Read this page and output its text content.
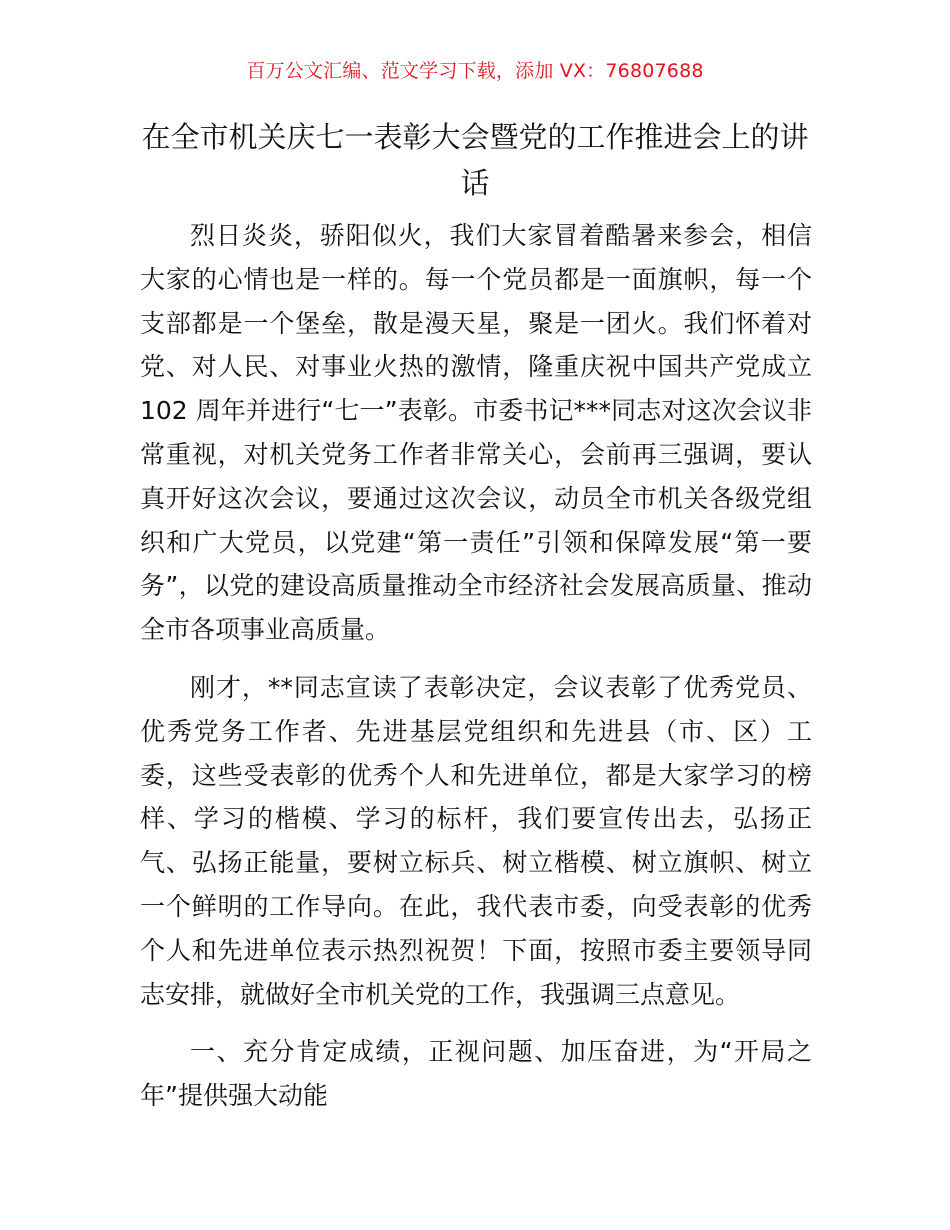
百万公文汇编、范文学习下载，添加 VX：76807688
在全市机关庆七一表彰大会暨党的工作推进会上的讲话

烈日炎炎，骄阳似火，我们大家冒着酷暑来参会，相信大家的心情也是一样的。每一个党员都是一面旗帜，每一个支部都是一个堡垒，散是漫天星，聚是一团火。我们怀着对党、对人民、对事业火热的激情，隆重庆祝中国共产党成立 102 周年并进行“七一”表彰。市委书记***同志对这次会议非常重视，对机关党务工作者非常关心，会前再三强调，要认真开好这次会议，要通过这次会议，动员全市机关各级党组织和广大党员，以党建“第一责任”引领和保障发展“第一要务”，以党的建设高质量推动全市经济社会发展高质量、推动全市各项事业高质量。

刚才，**同志宣读了表彰决定，会议表彰了优秀党员、优秀党务工作者、先进基层党组织和先进县（市、区）工委，这些受表彰的优秀个人和先进单位，都是大家学习的榜样、学习的楷模、学习的标杆，我们要宣传出去，弘扬正气、弘扬正能量，要树立标兵、树立楷模、树立旗帜、树立一个鲜明的工作导向。在此，我代表市委，向受表彰的优秀个人和先进单位表示热烈祝贺！下面，按照市委主要领导同志安排，就做好全市机关党的工作，我强调三点意见。

一、充分肯定成绩，正视问题、加压奋进，为“开局之年”提供强大动能
